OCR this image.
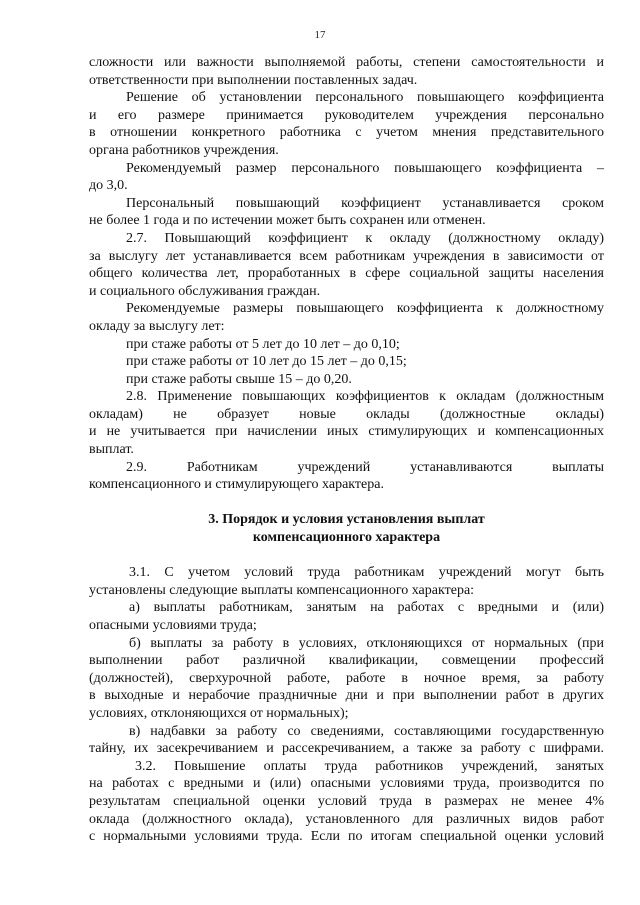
17
сложности или важности выполняемой работы, степени самостоятельности и
ответственности при выполнении поставленных задач.
Решение об установлении персонального повышающего коэффициента
и его размере принимается руководителем учреждения персонально
в отношении конкретного работника с учетом мнения представительного
органа работников учреждения.
Рекомендуемый размер персонального повышающего коэффициента –
до 3,0.
Персональный повышающий коэффициент устанавливается сроком
не более 1 года и по истечении может быть сохранен или отменен.
2.7. Повышающий коэффициент к окладу (должностному окладу)
за выслугу лет устанавливается всем работникам учреждения в зависимости от
общего количества лет, проработанных в сфере социальной защиты населения
и социального обслуживания граждан.
Рекомендуемые размеры повышающего коэффициента к должностному
окладу за выслугу лет:
при стаже работы от 5 лет до 10 лет – до 0,10;
при стаже работы от 10 лет до 15 лет – до 0,15;
при стаже работы свыше 15 – до 0,20.
2.8. Применение повышающих коэффициентов к окладам (должностным
окладам) не образует новые оклады (должностные оклады)
и не учитывается при начислении иных стимулирующих и компенсационных
выплат.
2.9. Работникам учреждений устанавливаются выплаты
компенсационного и стимулирующего характера.
3. Порядок и условия установления выплат
компенсационного характера
3.1. С учетом условий труда работникам учреждений могут быть
установлены следующие выплаты компенсационного характера:
а) выплаты работникам, занятым на работах с вредными и (или)
опасными условиями труда;
б) выплаты за работу в условиях, отклоняющихся от нормальных (при
выполнении работ различной квалификации, совмещении профессий
(должностей), сверхурочной работе, работе в ночное время, за работу
в выходные и нерабочие праздничные дни и при выполнении работ в других
условиях, отклоняющихся от нормальных);
в) надбавки за работу со сведениями, составляющими государственную
тайну, их засекречиванием и рассекречиванием, а также за работу с шифрами.
3.2. Повышение оплаты труда работников учреждений, занятых
на работах с вредными и (или) опасными условиями труда, производится по
результатам специальной оценки условий труда в размерах не менее 4%
оклада (должностного оклада), установленного для различных видов работ
с нормальными условиями труда. Если по итогам специальной оценки условий
